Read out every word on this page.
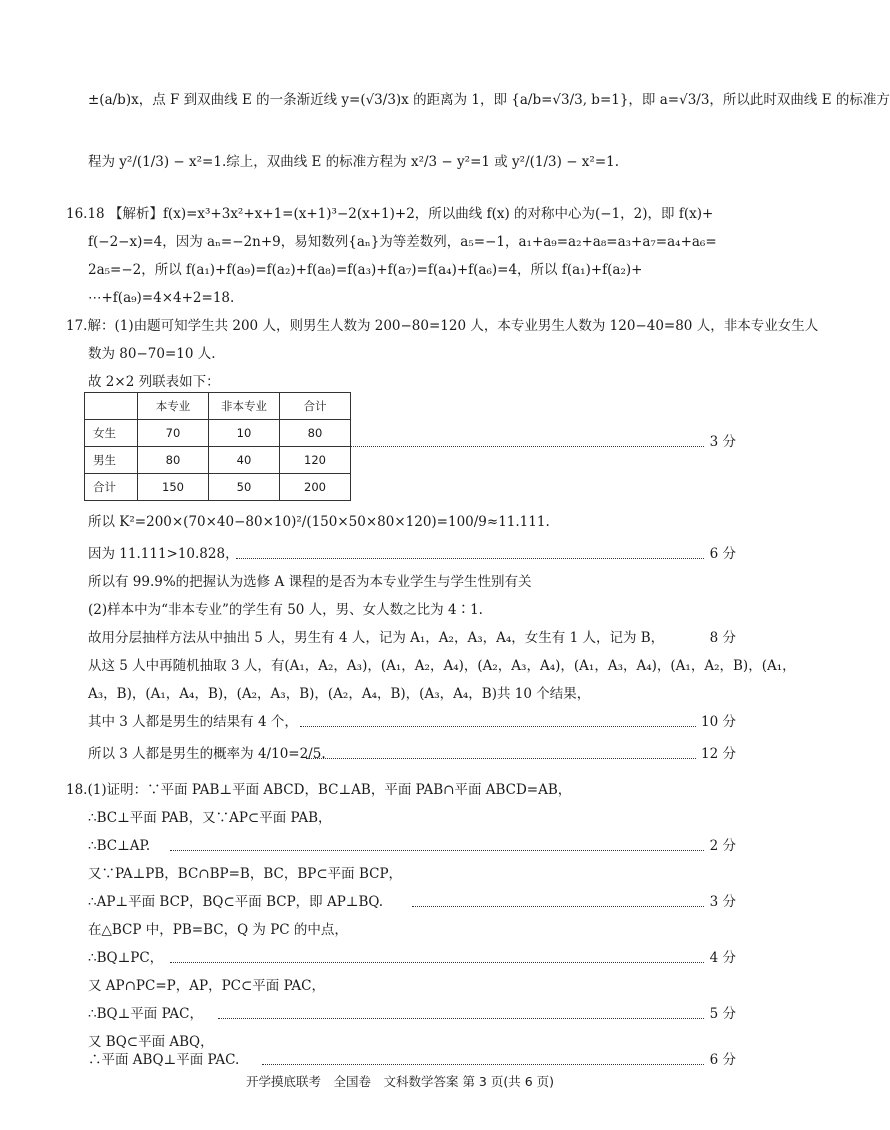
±(a/b)x，点 F 到双曲线 E 的一条渐近线 y=(√3/3)x 的距离为 1，即 {a/b=√3/3, b=1}，即 a=√3/3，所以此时双曲线 E 的标准方
程为 y²/(1/3) − x²=1.综上，双曲线 E 的标准方程为 x²/3 − y²=1 或 y²/(1/3) − x²=1.
16.18 【解析】f(x)=x³+3x²+x+1=(x+1)³−2(x+1)+2，所以曲线 f(x) 的对称中心为(−1，2)，即 f(x)+
f(−2−x)=4，因为 aₙ=−2n+9，易知数列{aₙ}为等差数列，a₅=−1，a₁+a₉=a₂+a₈=a₃+a₇=a₄+a₆=
2a₅=−2，所以 f(a₁)+f(a₉)=f(a₂)+f(a₈)=f(a₃)+f(a₇)=f(a₄)+f(a₆)=4，所以 f(a₁)+f(a₂)+
⋯+f(a₉)=4×4+2=18.
17.解：(1)由题可知学生共 200 人，则男生人数为 200−80=120 人，本专业男生人数为 120−40=80 人，非本专业女生人
数为 80−70=10 人.
故 2×2 列联表如下：
	本专业	非本专业	合计
女生	70	10	80
男生	80	40	120
合计	150	50	200
3 分
所以 K²=200×(70×40−80×10)²/(150×50×80×120)=100/9≈11.111.
因为 11.111>10.828，	6 分
所以有 99.9%的把握认为选修 A 课程的是否为本专业学生与学生性别有关
(2)样本中为“非本专业”的学生有 50 人，男、女人数之比为 4∶1.
故用分层抽样方法从中抽出 5 人，男生有 4 人，记为 A₁，A₂，A₃，A₄，女生有 1 人，记为 B，	8 分
从这 5 人中再随机抽取 3 人，有(A₁，A₂，A₃)，(A₁，A₂，A₄)，(A₂，A₃，A₄)，(A₁，A₃，A₄)，(A₁，A₂，B)，(A₁，
A₃，B)，(A₁，A₄，B)，(A₂，A₃，B)，(A₂，A₄，B)，(A₃，A₄，B)共 10 个结果，
其中 3 人都是男生的结果有 4 个，	10 分
所以 3 人都是男生的概率为 4/10=2/5.	12 分
18.(1)证明：∵平面 PAB⊥平面 ABCD，BC⊥AB，平面 PAB∩平面 ABCD=AB，
∴BC⊥平面 PAB，又∵AP⊂平面 PAB，
∴BC⊥AP.	2 分
又∵PA⊥PB，BC∩BP=B，BC，BP⊂平面 BCP，
∴AP⊥平面 BCP，BQ⊂平面 BCP，即 AP⊥BQ.	3 分
在△BCP 中，PB=BC，Q 为 PC 的中点，
∴BQ⊥PC，	4 分
又 AP∩PC=P，AP，PC⊂平面 PAC，
∴BQ⊥平面 PAC，	5 分
又 BQ⊂平面 ABQ，
∴平面 ABQ⊥平面 PAC.	6 分
开学摸底联考　全国卷　文科数学答案 第 3 页(共 6 页)
